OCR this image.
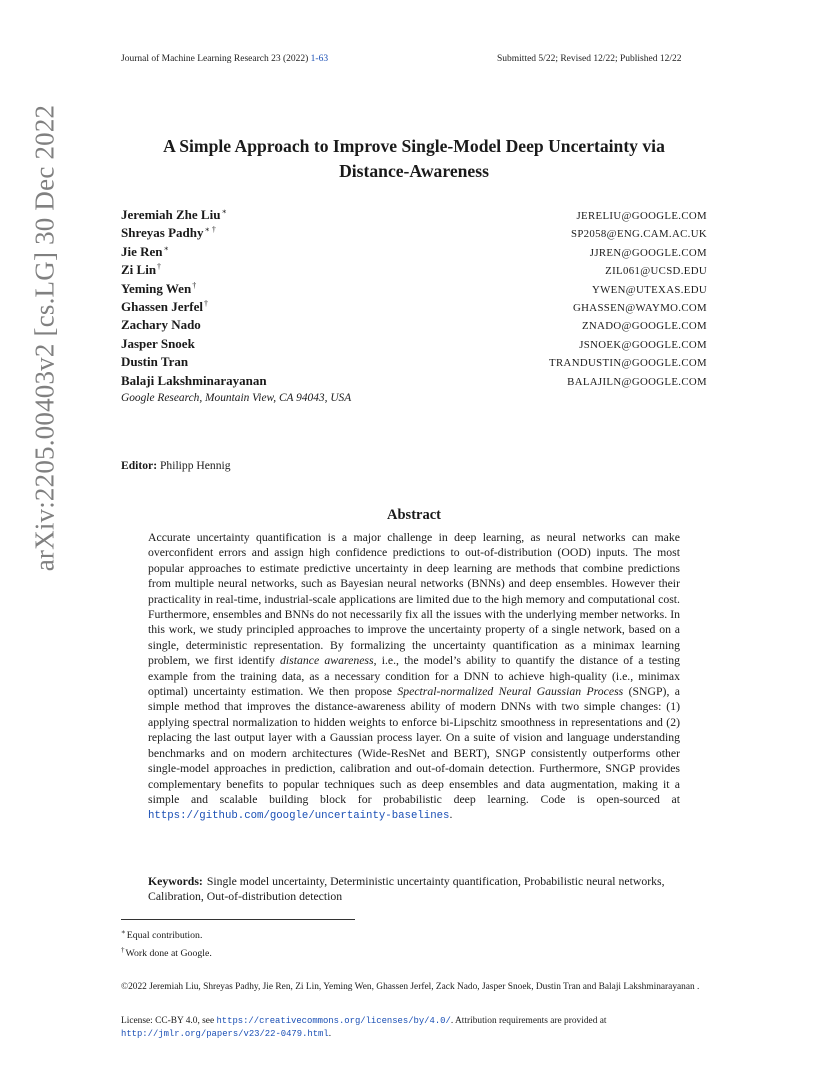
Journal of Machine Learning Research 23 (2022) 1-63	Submitted 5/22; Revised 12/22; Published 12/22
arXiv:2205.00403v2 [cs.LG] 30 Dec 2022	A Simple Approach to Improve Single-Model Deep Uncertainty via
Distance-Awareness
Jeremiah Zhe Liu∗	JERELIU@GOOGLE.COM
Shreyas Padhy∗ †	SP2058@ENG.CAM.AC.UK
Jie Ren∗	JJREN@GOOGLE.COM
Zi Lin†	ZIL061@UCSD.EDU
Yeming Wen†	YWEN@UTEXAS.EDU
Ghassen Jerfel†	GHASSEN@WAYMO.COM
Zachary Nado	ZNADO@GOOGLE.COM
Jasper Snoek	JSNOEK@GOOGLE.COM
Dustin Tran	TRANDUSTIN@GOOGLE.COM
Balaji Lakshminarayanan	BALAJILN@GOOGLE.COM
Google Research, Mountain View, CA 94043, USA
Editor: Philipp Hennig
Abstract
Accurate uncertainty quantification is a major challenge in deep learning, as neural networks can make overconfident errors and assign high confidence predictions to out-of-distribution (OOD) inputs. The most popular approaches to estimate predictive uncertainty in deep learning are methods that combine predictions from multiple neural networks, such as Bayesian neural networks (BNNs) and deep ensembles. However their practicality in real-time, industrial-scale applications are limited due to the high memory and computational cost. Furthermore, ensembles and BNNs do not necessarily fix all the issues with the underlying member networks. In this work, we study principled approaches to improve the uncertainty property of a single network, based on a single, deterministic representation. By formalizing the uncertainty quantification as a minimax learning problem, we first identify distance awareness, i.e., the model’s ability to quantify the distance of a testing example from the training data, as a necessary condition for a DNN to achieve high-quality (i.e., minimax optimal) uncertainty estimation. We then propose Spectral-normalized Neural Gaussian Process (SNGP), a simple method that improves the distance-awareness ability of modern DNNs with two simple changes: (1) applying spectral normalization to hidden weights to enforce bi-Lipschitz smoothness in representations and (2) replacing the last output layer with a Gaussian process layer. On a suite of vision and language understanding benchmarks and on modern architectures (Wide-ResNet and BERT), SNGP consistently outperforms other single-model approaches in prediction, calibration and out-of-domain detection. Furthermore, SNGP provides complementary benefits to popular techniques such as deep ensembles and data augmentation, making it a simple and scalable building block for probabilistic deep learning. Code is open-sourced at https://github.com/google/uncertainty-baselines.
Keywords: Single model uncertainty, Deterministic uncertainty quantification, Probabilistic neural networks, Calibration, Out-of-distribution detection
∗Equal contribution.
†Work done at Google.
©2022 Jeremiah Liu, Shreyas Padhy, Jie Ren, Zi Lin, Yeming Wen, Ghassen Jerfel, Zack Nado, Jasper Snoek, Dustin Tran and Balaji Lakshminarayanan .
License: CC-BY 4.0, see https://creativecommons.org/licenses/by/4.0/. Attribution requirements are provided at http://jmlr.org/papers/v23/22-0479.html.
